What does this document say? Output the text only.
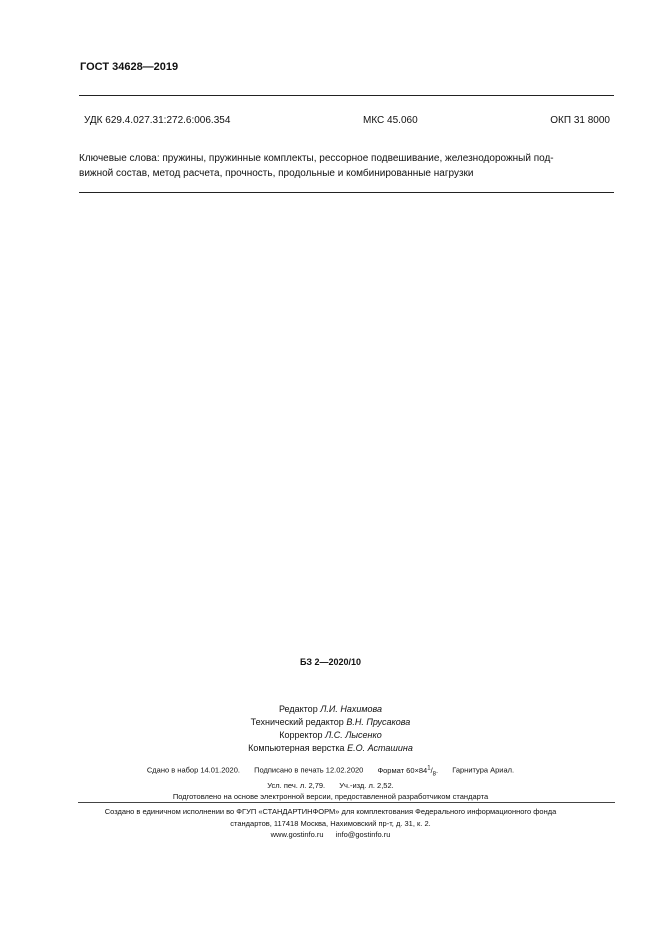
ГОСТ 34628—2019
УДК 629.4.027.31:272.6:006.354	МКС 45.060	ОКП 31 8000
Ключевые слова: пружины, пружинные комплекты, рессорное подвешивание, железнодорожный под-
вижной состав, метод расчета, прочность, продольные и комбинированные нагрузки
БЗ 2—2020/10
Редактор Л.И. Нахимова
Технический редактор В.Н. Прусакова
Корректор Л.С. Лысенко
Компьютерная верстка Е.О. Асташина
Сдано в набор 14.01.2020. Подписано в печать 12.02.2020 Формат $60\times 84^1/_8$. Гарнитура Ариал.
Усл. печ. л. 2,79. Уч.-изд. л. 2,52.
Подготовлено на основе электронной версии, предоставленной разработчиком стандарта
Создано в единичном исполнении во ФГУП «СТАНДАРТИНФОРМ» для комплектования Федерального информационного фонда
стандартов, 117418 Москва, Нахимовский пр-т, д. 31, к. 2.
www.gostinfo.ru info@gostinfo.ru
